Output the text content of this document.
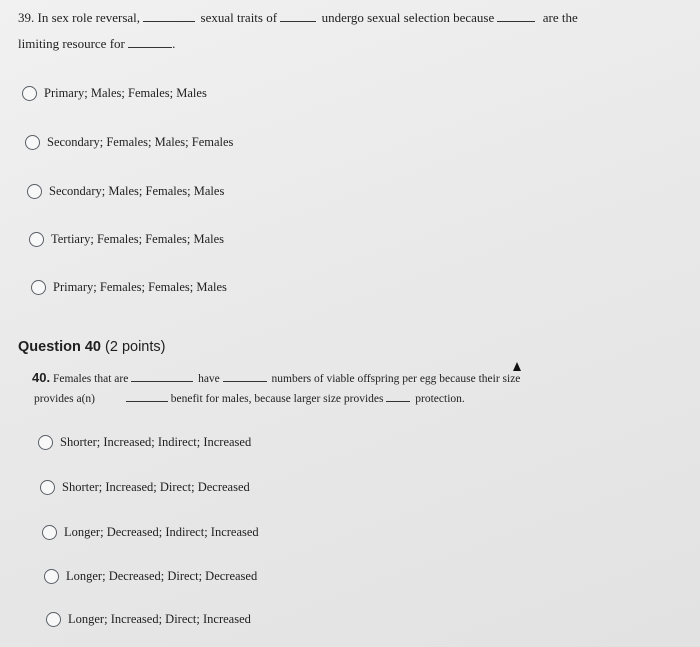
39. In sex role reversal,	sexual traits of	undergo sexual selection because	are the
limiting resource for	.
Primary; Males; Females; Males
Secondary; Females; Males; Females
Secondary; Males; Females; Males
Tertiary; Females; Females; Males
Primary; Females; Females; Males
Question 40 (2 points)
40. Females that are	have	numbers of viable offspring per egg because their size
provides a(n)	benefit for males, because larger size provides	protection.
Shorter; Increased; Indirect; Increased
Shorter; Increased; Direct; Decreased
Longer; Decreased; Indirect; Increased
Longer; Decreased; Direct; Decreased
Longer; Increased; Direct; Increased
